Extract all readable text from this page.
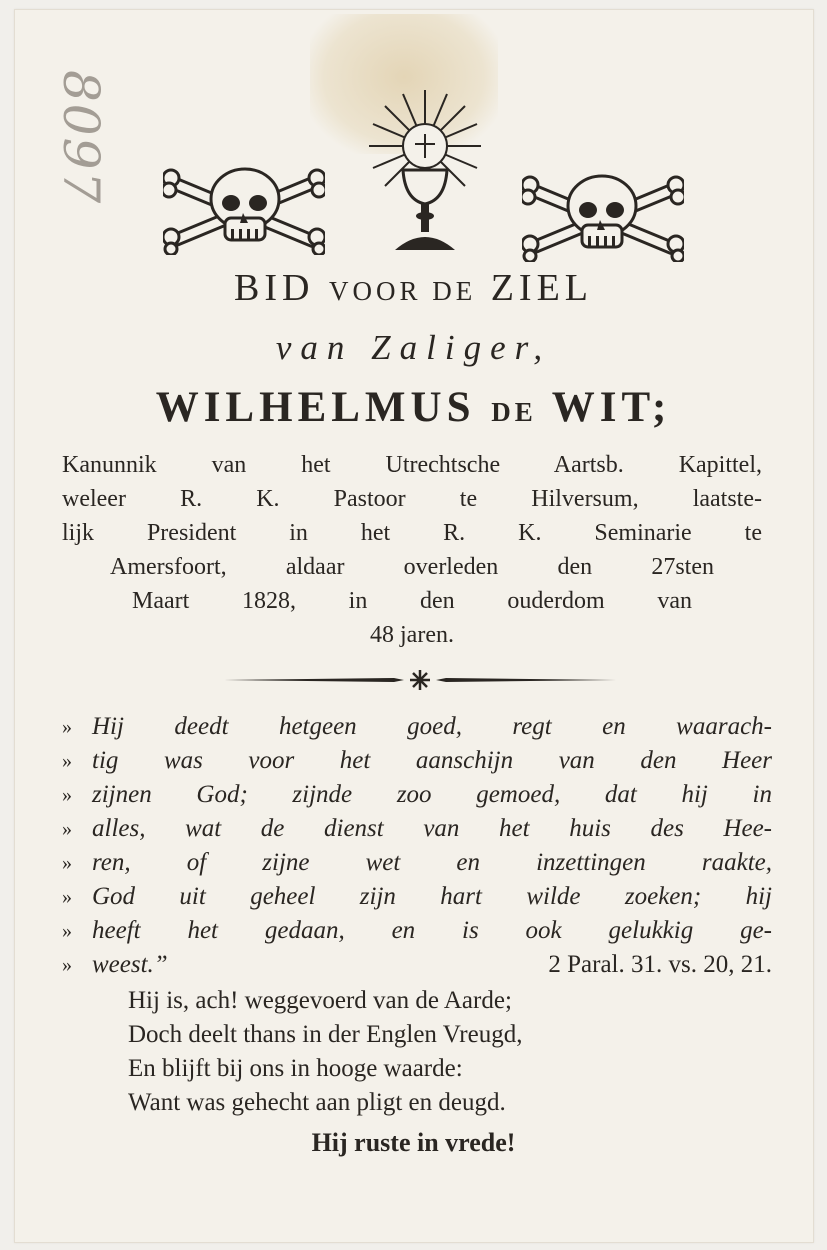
8097
BID VOOR DE ZIEL
van Zaliger,
WILHELMUS DE WIT;
Kanunnik van het Utrechtsche Aartsb. Kapittel,
weleer R. K. Pastoor te Hilversum, laatste-
lijk President in het R. K. Seminarie te
Amersfoort, aldaar overleden den 27sten
Maart 1828, in den ouderdom van
48 jaren.
» Hij deedt hetgeen goed, regt en waarach-
» tig was voor het aanschijn van den Heer
» zijnen God; zijnde zoo gemoed, dat hij in
» alles, wat de dienst van het huis des Hee-
» ren, of zijne wet en inzettingen raakte,
» God uit geheel zijn hart wilde zoeken; hij
» heeft het gedaan, en is ook gelukkig ge-
» weest.”	2 Paral. 31. vs. 20, 21.
Hij is, ach! weggevoerd van de Aarde;
Doch deelt thans in der Englen Vreugd,
En blijft bij ons in hooge waarde:
Want was gehecht aan pligt en deugd.
Hij ruste in vrede!
